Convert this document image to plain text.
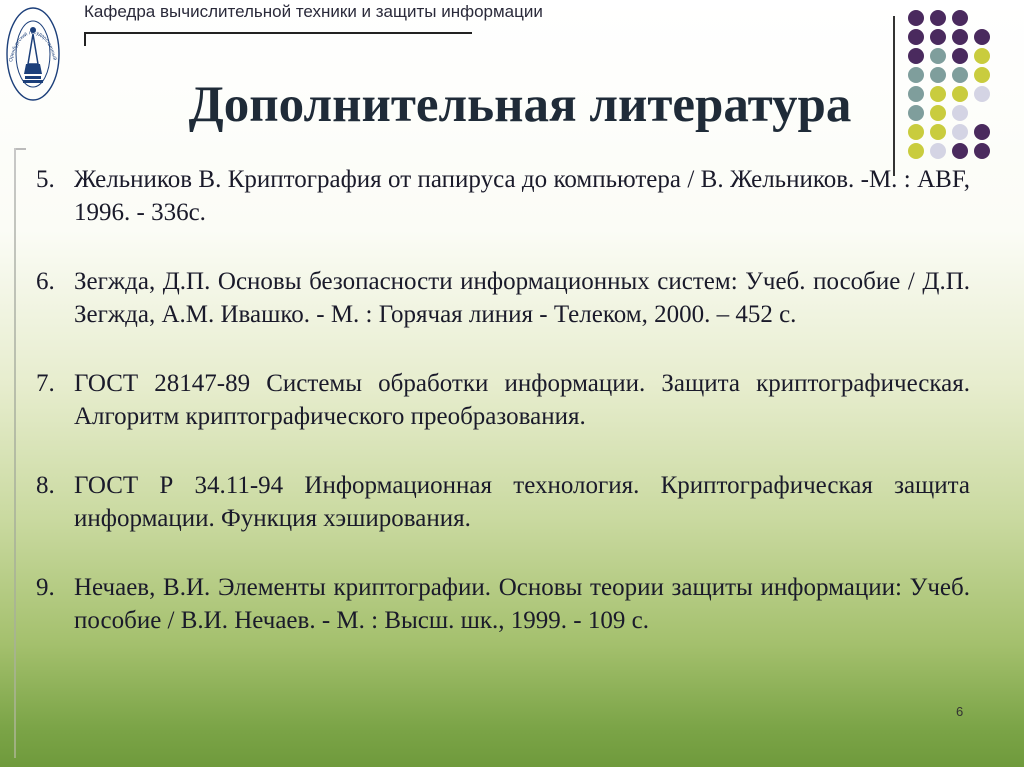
Оренбургский государственный
Кафедра вычислительной техники и защиты информации
Дополнительная литература
5. Жельников В. Криптография от папируса до компьютера / В. Жельников. -М. : ABF, 1996. - 336с.
6. Зегжда, Д.П. Основы безопасности информационных систем: Учеб. пособие / Д.П. Зегжда, А.М. Ивашко. - М. : Горячая линия - Телеком, 2000. – 452 с.
7. ГОСТ 28147-89 Системы обработки информации. Защита криптографическая. Алгоритм криптографического преобразования.
8. ГОСТ Р 34.11-94 Информационная технология. Криптографическая защита информации. Функция хэширования.
9. Нечаев, В.И. Элементы криптографии. Основы теории защиты информации: Учеб. пособие / В.И. Нечаев. - М. : Высш. шк., 1999. - 109 с.
6
